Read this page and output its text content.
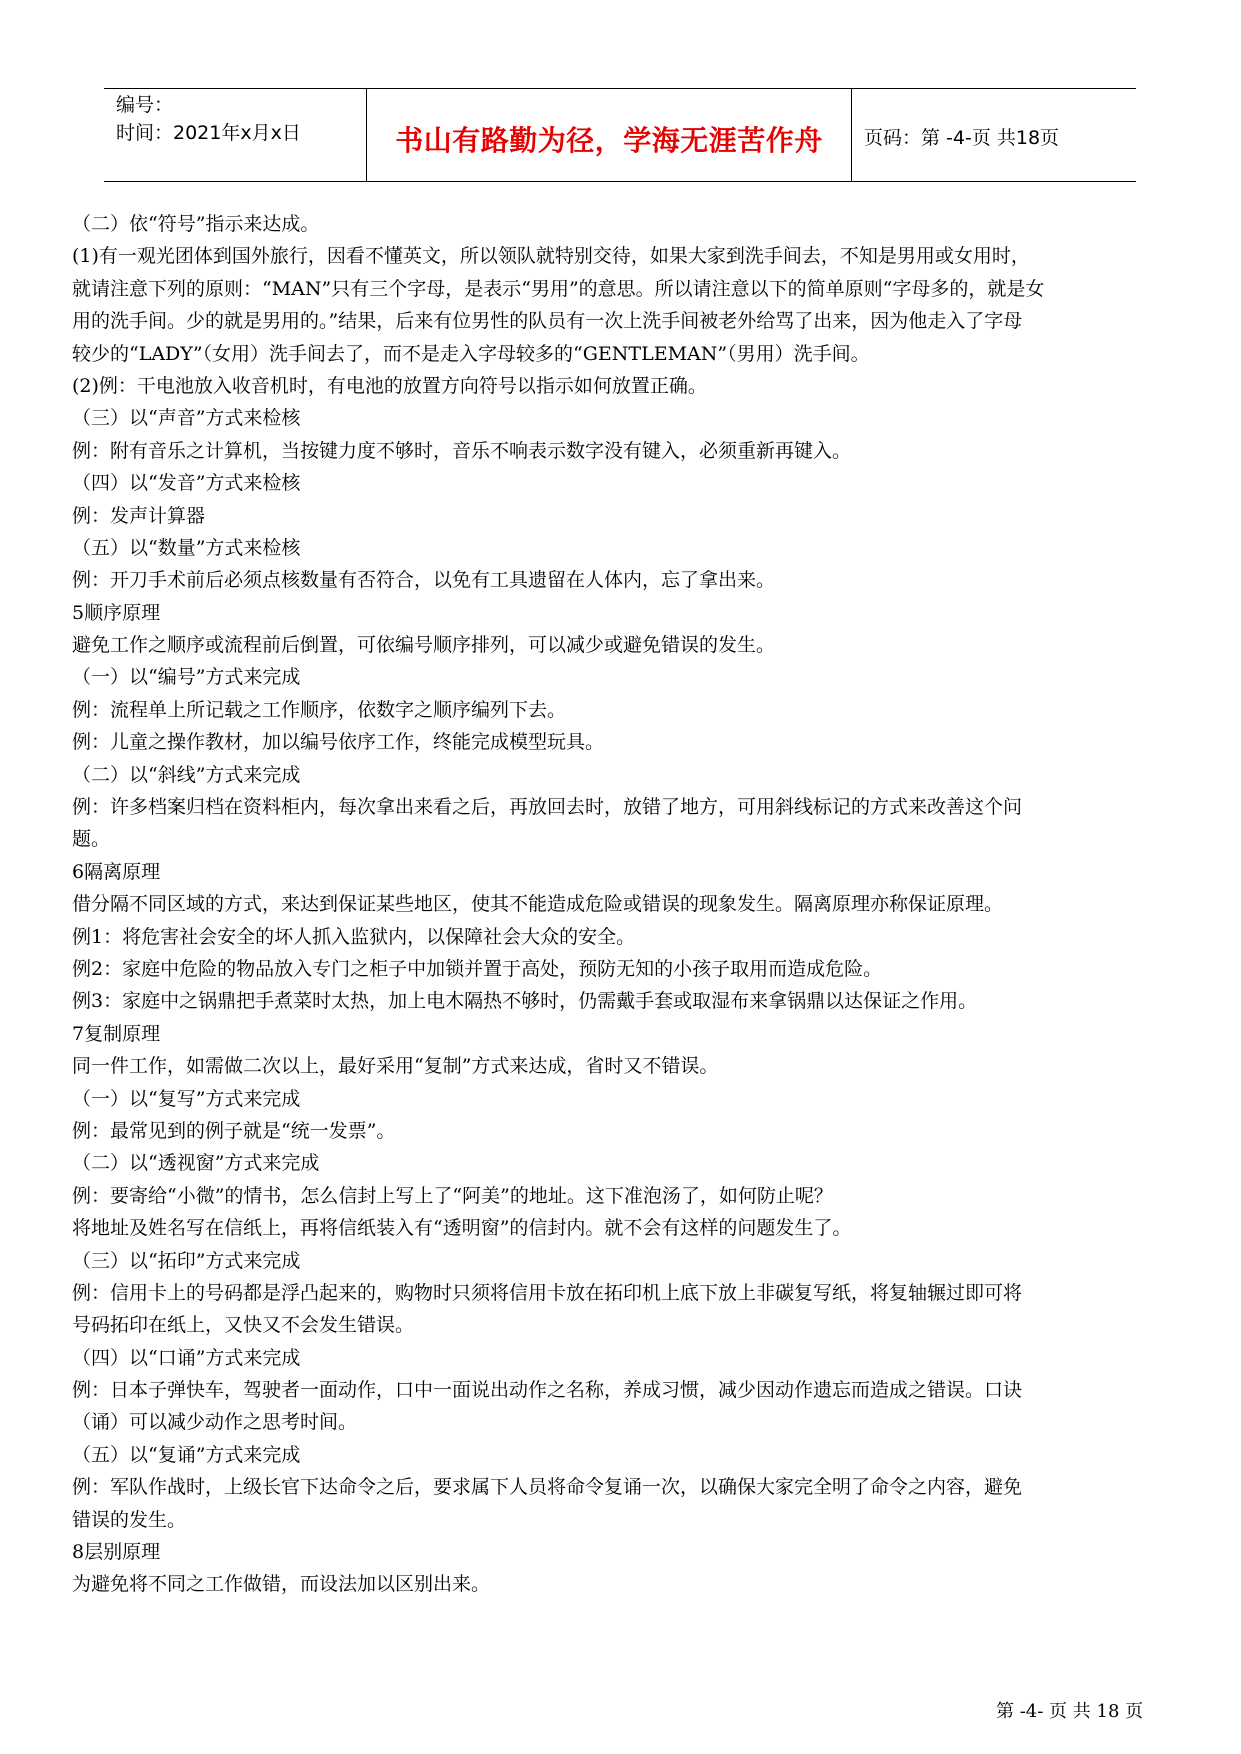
编号：
时间：2021年x月x日	书山有路勤为径，学海无涯苦作舟	页码：第 -4-页 共18页
（二）依“符号”指示来达成。
(1)有一观光团体到国外旅行，因看不懂英文，所以领队就特别交待，如果大家到洗手间去，不知是男用或女用时，
就请注意下列的原则：“MAN”只有三个字母，是表示“男用”的意思。所以请注意以下的简单原则“字母多的，就是女
用的洗手间。少的就是男用的。”结果，后来有位男性的队员有一次上洗手间被老外给骂了出来，因为他走入了字母
较少的“LADY”（女用）洗手间去了，而不是走入字母较多的“GENTLEMAN”（男用）洗手间。
(2)例：干电池放入收音机时，有电池的放置方向符号以指示如何放置正确。
（三）以“声音”方式来检核
例：附有音乐之计算机，当按键力度不够时，音乐不响表示数字没有键入，必须重新再键入。
（四）以“发音”方式来检核
例：发声计算器
（五）以“数量”方式来检核
例：开刀手术前后必须点核数量有否符合，以免有工具遗留在人体内，忘了拿出来。
5顺序原理
避免工作之顺序或流程前后倒置，可依编号顺序排列，可以减少或避免错误的发生。
（一）以“编号”方式来完成
例：流程单上所记载之工作顺序，依数字之顺序编列下去。
例：儿童之操作教材，加以编号依序工作，终能完成模型玩具。
（二）以“斜线”方式来完成
例：许多档案归档在资料柜内，每次拿出来看之后，再放回去时，放错了地方，可用斜线标记的方式来改善这个问
题。
6隔离原理
借分隔不同区域的方式，来达到保证某些地区，使其不能造成危险或错误的现象发生。隔离原理亦称保证原理。
例1：将危害社会安全的坏人抓入监狱内，以保障社会大众的安全。
例2：家庭中危险的物品放入专门之柜子中加锁并置于高处，预防无知的小孩子取用而造成危险。
例3：家庭中之锅鼎把手煮菜时太热，加上电木隔热不够时，仍需戴手套或取湿布来拿锅鼎以达保证之作用。
7复制原理
同一件工作，如需做二次以上，最好采用“复制”方式来达成，省时又不错误。
（一）以“复写”方式来完成
例：最常见到的例子就是“统一发票”。
（二）以“透视窗”方式来完成
例：要寄给“小微”的情书，怎么信封上写上了“阿美”的地址。这下准泡汤了，如何防止呢？
将地址及姓名写在信纸上，再将信纸装入有“透明窗”的信封内。就不会有这样的问题发生了。
（三）以“拓印”方式来完成
例：信用卡上的号码都是浮凸起来的，购物时只须将信用卡放在拓印机上底下放上非碳复写纸，将复轴辗过即可将
号码拓印在纸上，又快又不会发生错误。
（四）以“口诵”方式来完成
例：日本子弹快车，驾驶者一面动作，口中一面说出动作之名称，养成习惯，减少因动作遗忘而造成之错误。口诀
（诵）可以减少动作之思考时间。
（五）以“复诵”方式来完成
例：军队作战时，上级长官下达命令之后，要求属下人员将命令复诵一次，以确保大家完全明了命令之内容，避免
错误的发生。
8层别原理
为避免将不同之工作做错，而设法加以区别出来。
第 -4- 页 共 18 页
